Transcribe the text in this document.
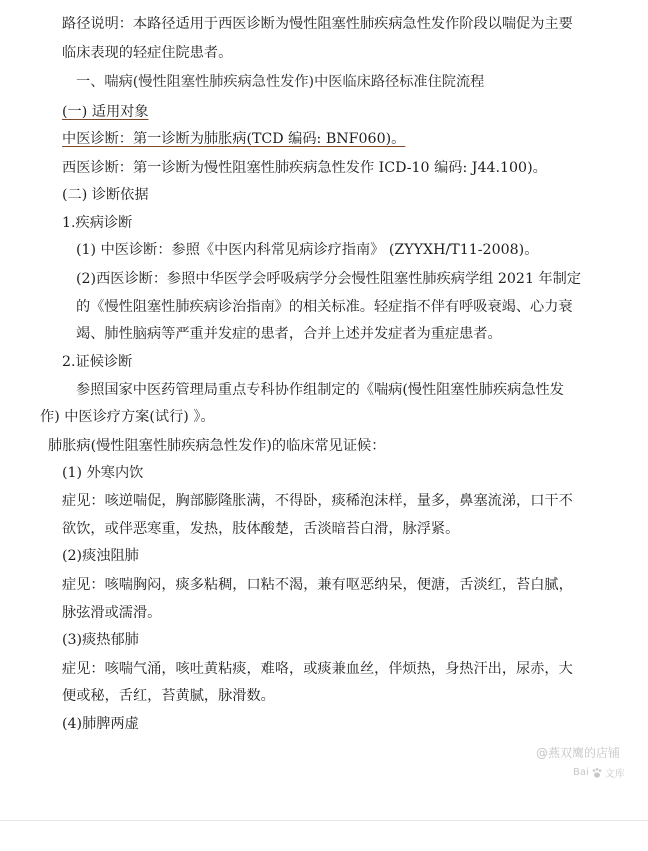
路径说明：本路径适用于西医诊断为慢性阻塞性肺疾病急性发作阶段以喘促为主要
临床表现的轻症住院患者。
一、喘病(慢性阻塞性肺疾病急性发作)中医临床路径标准住院流程
(一) 适用对象
中医诊断：第一诊断为肺胀病(TCD 编码: BNF060)。
西医诊断：第一诊断为慢性阻塞性肺疾病急性发作 ICD-10 编码: J44.100)。
(二) 诊断依据
1.疾病诊断
(1) 中医诊断：参照《中医内科常见病诊疗指南》 (ZYYXH/T11-2008)。
(2)西医诊断：参照中华医学会呼吸病学分会慢性阻塞性肺疾病学组 2021 年制定
的《慢性阻塞性肺疾病诊治指南》的相关标准。轻症指不伴有呼吸衰竭、心力衰
竭、肺性脑病等严重并发症的患者，合并上述并发症者为重症患者。
2.证候诊断
参照国家中医药管理局重点专科协作组制定的《喘病(慢性阻塞性肺疾病急性发
作) 中医诊疗方案(试行) 》。
肺胀病(慢性阻塞性肺疾病急性发作)的临床常见证候：
(1) 外寒内饮
症见：咳逆喘促，胸部膨隆胀满，不得卧，痰稀泡沫样，量多，鼻塞流涕，口干不
欲饮，或伴恶寒重，发热，肢体酸楚，舌淡暗苔白滑，脉浮紧。
(2)痰浊阻肺
症见：咳喘胸闷，痰多粘稠，口粘不渴，兼有呕恶纳呆，便溏，舌淡红，苔白腻，
脉弦滑或濡滑。
(3)痰热郁肺
症见：咳喘气涌，咳吐黄粘痰，难咯，或痰兼血丝，伴烦热，身热汗出，尿赤，大
便或秘，舌红，苔黄腻，脉滑数。
(4)肺脾两虚
@燕双鹰的店铺
Bai 文库
